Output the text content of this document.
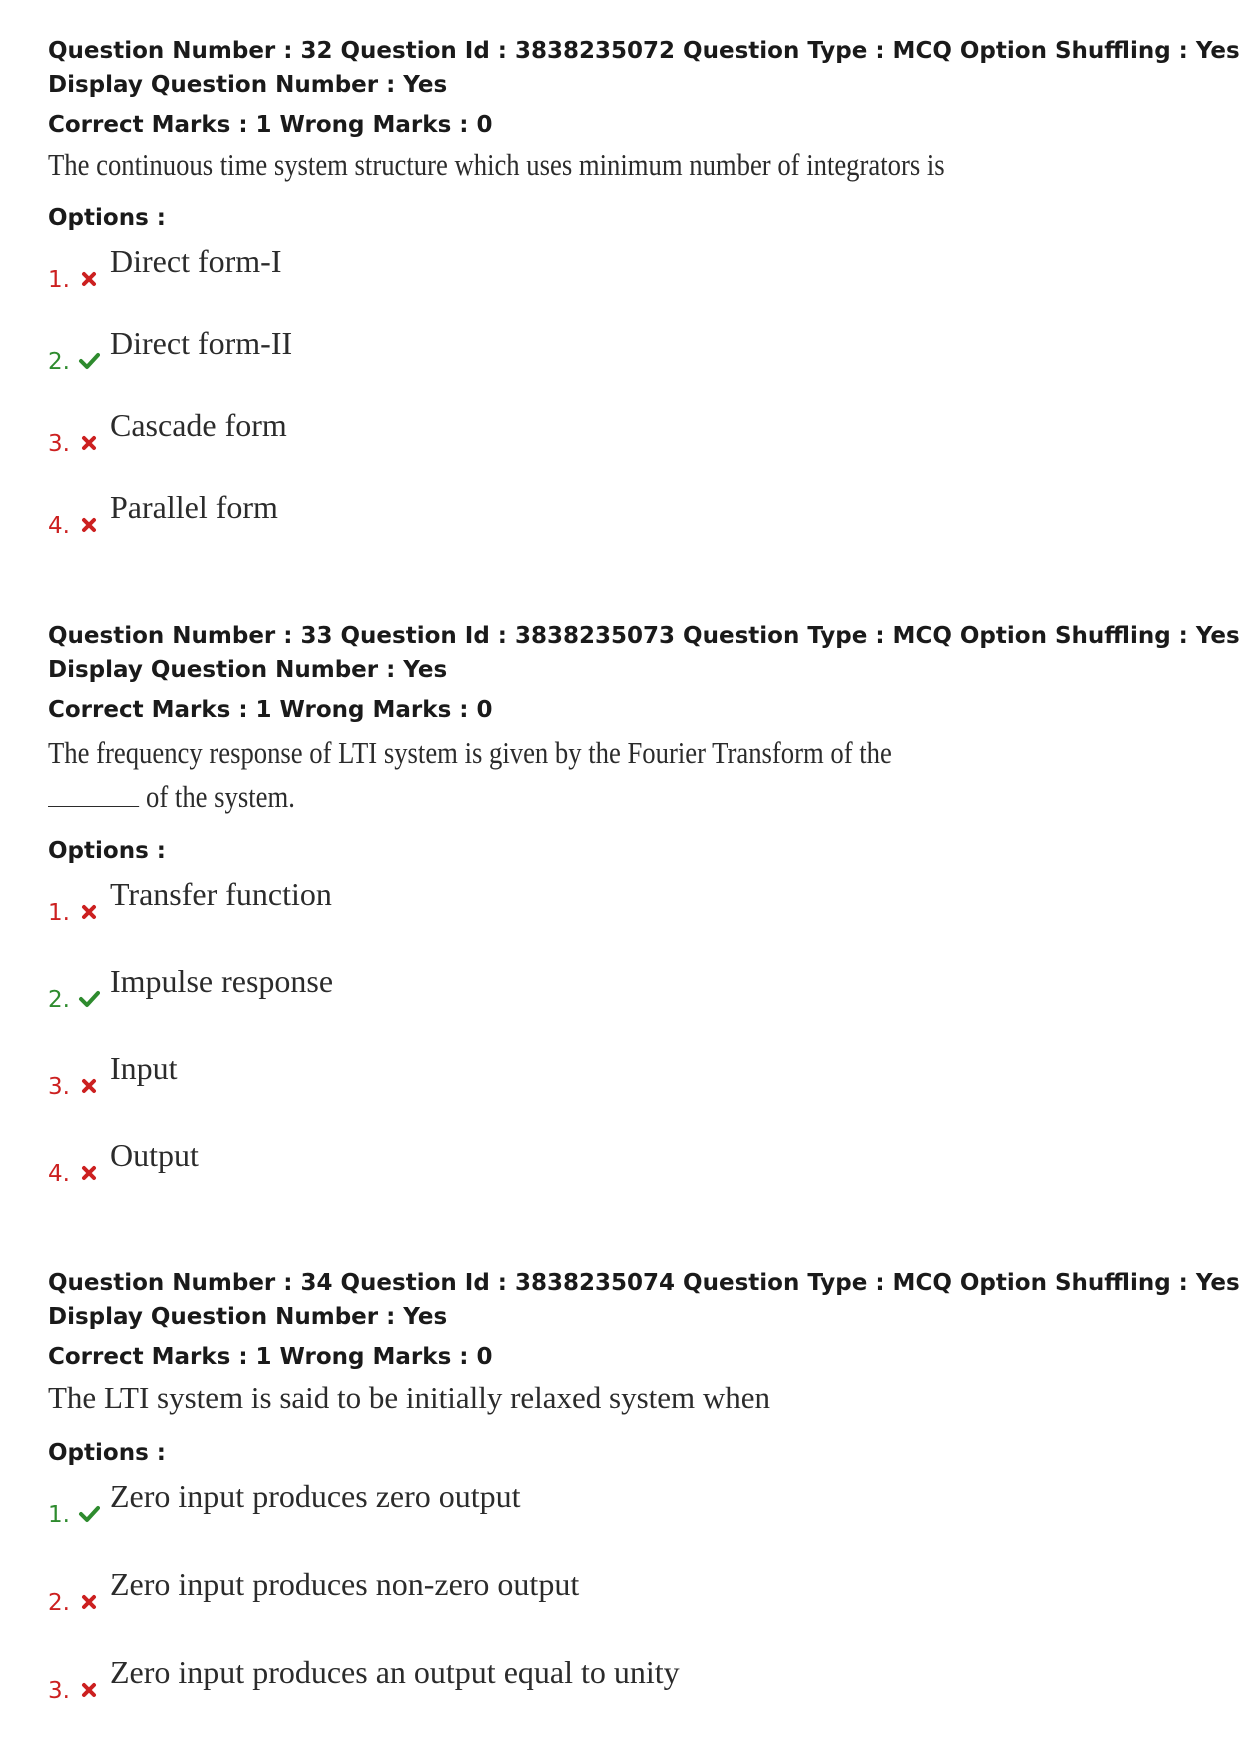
Question Number : 32 Question Id : 3838235072 Question Type : MCQ Option Shuffling : Yes

Display Question Number : Yes

Correct Marks : 1 Wrong Marks : 0

The continuous time system structure which uses minimum number of integrators is

Options :

1.
Direct form-I
2.
Direct form-II
3.
Cascade form
4.
Parallel form

Question Number : 33 Question Id : 3838235073 Question Type : MCQ Option Shuffling : Yes

Display Question Number : Yes

Correct Marks : 1 Wrong Marks : 0

The frequency response of LTI system is given by the Fourier Transform of the

of the system.

Options :

1.
Transfer function
2.
Impulse response
3.
Input
4.
Output

Question Number : 34 Question Id : 3838235074 Question Type : MCQ Option Shuffling : Yes

Display Question Number : Yes

Correct Marks : 1 Wrong Marks : 0

The LTI system is said to be initially relaxed system when

Options :

1.
Zero input produces zero output
2.
Zero input produces non-zero output
3.
Zero input produces an output equal to unity
